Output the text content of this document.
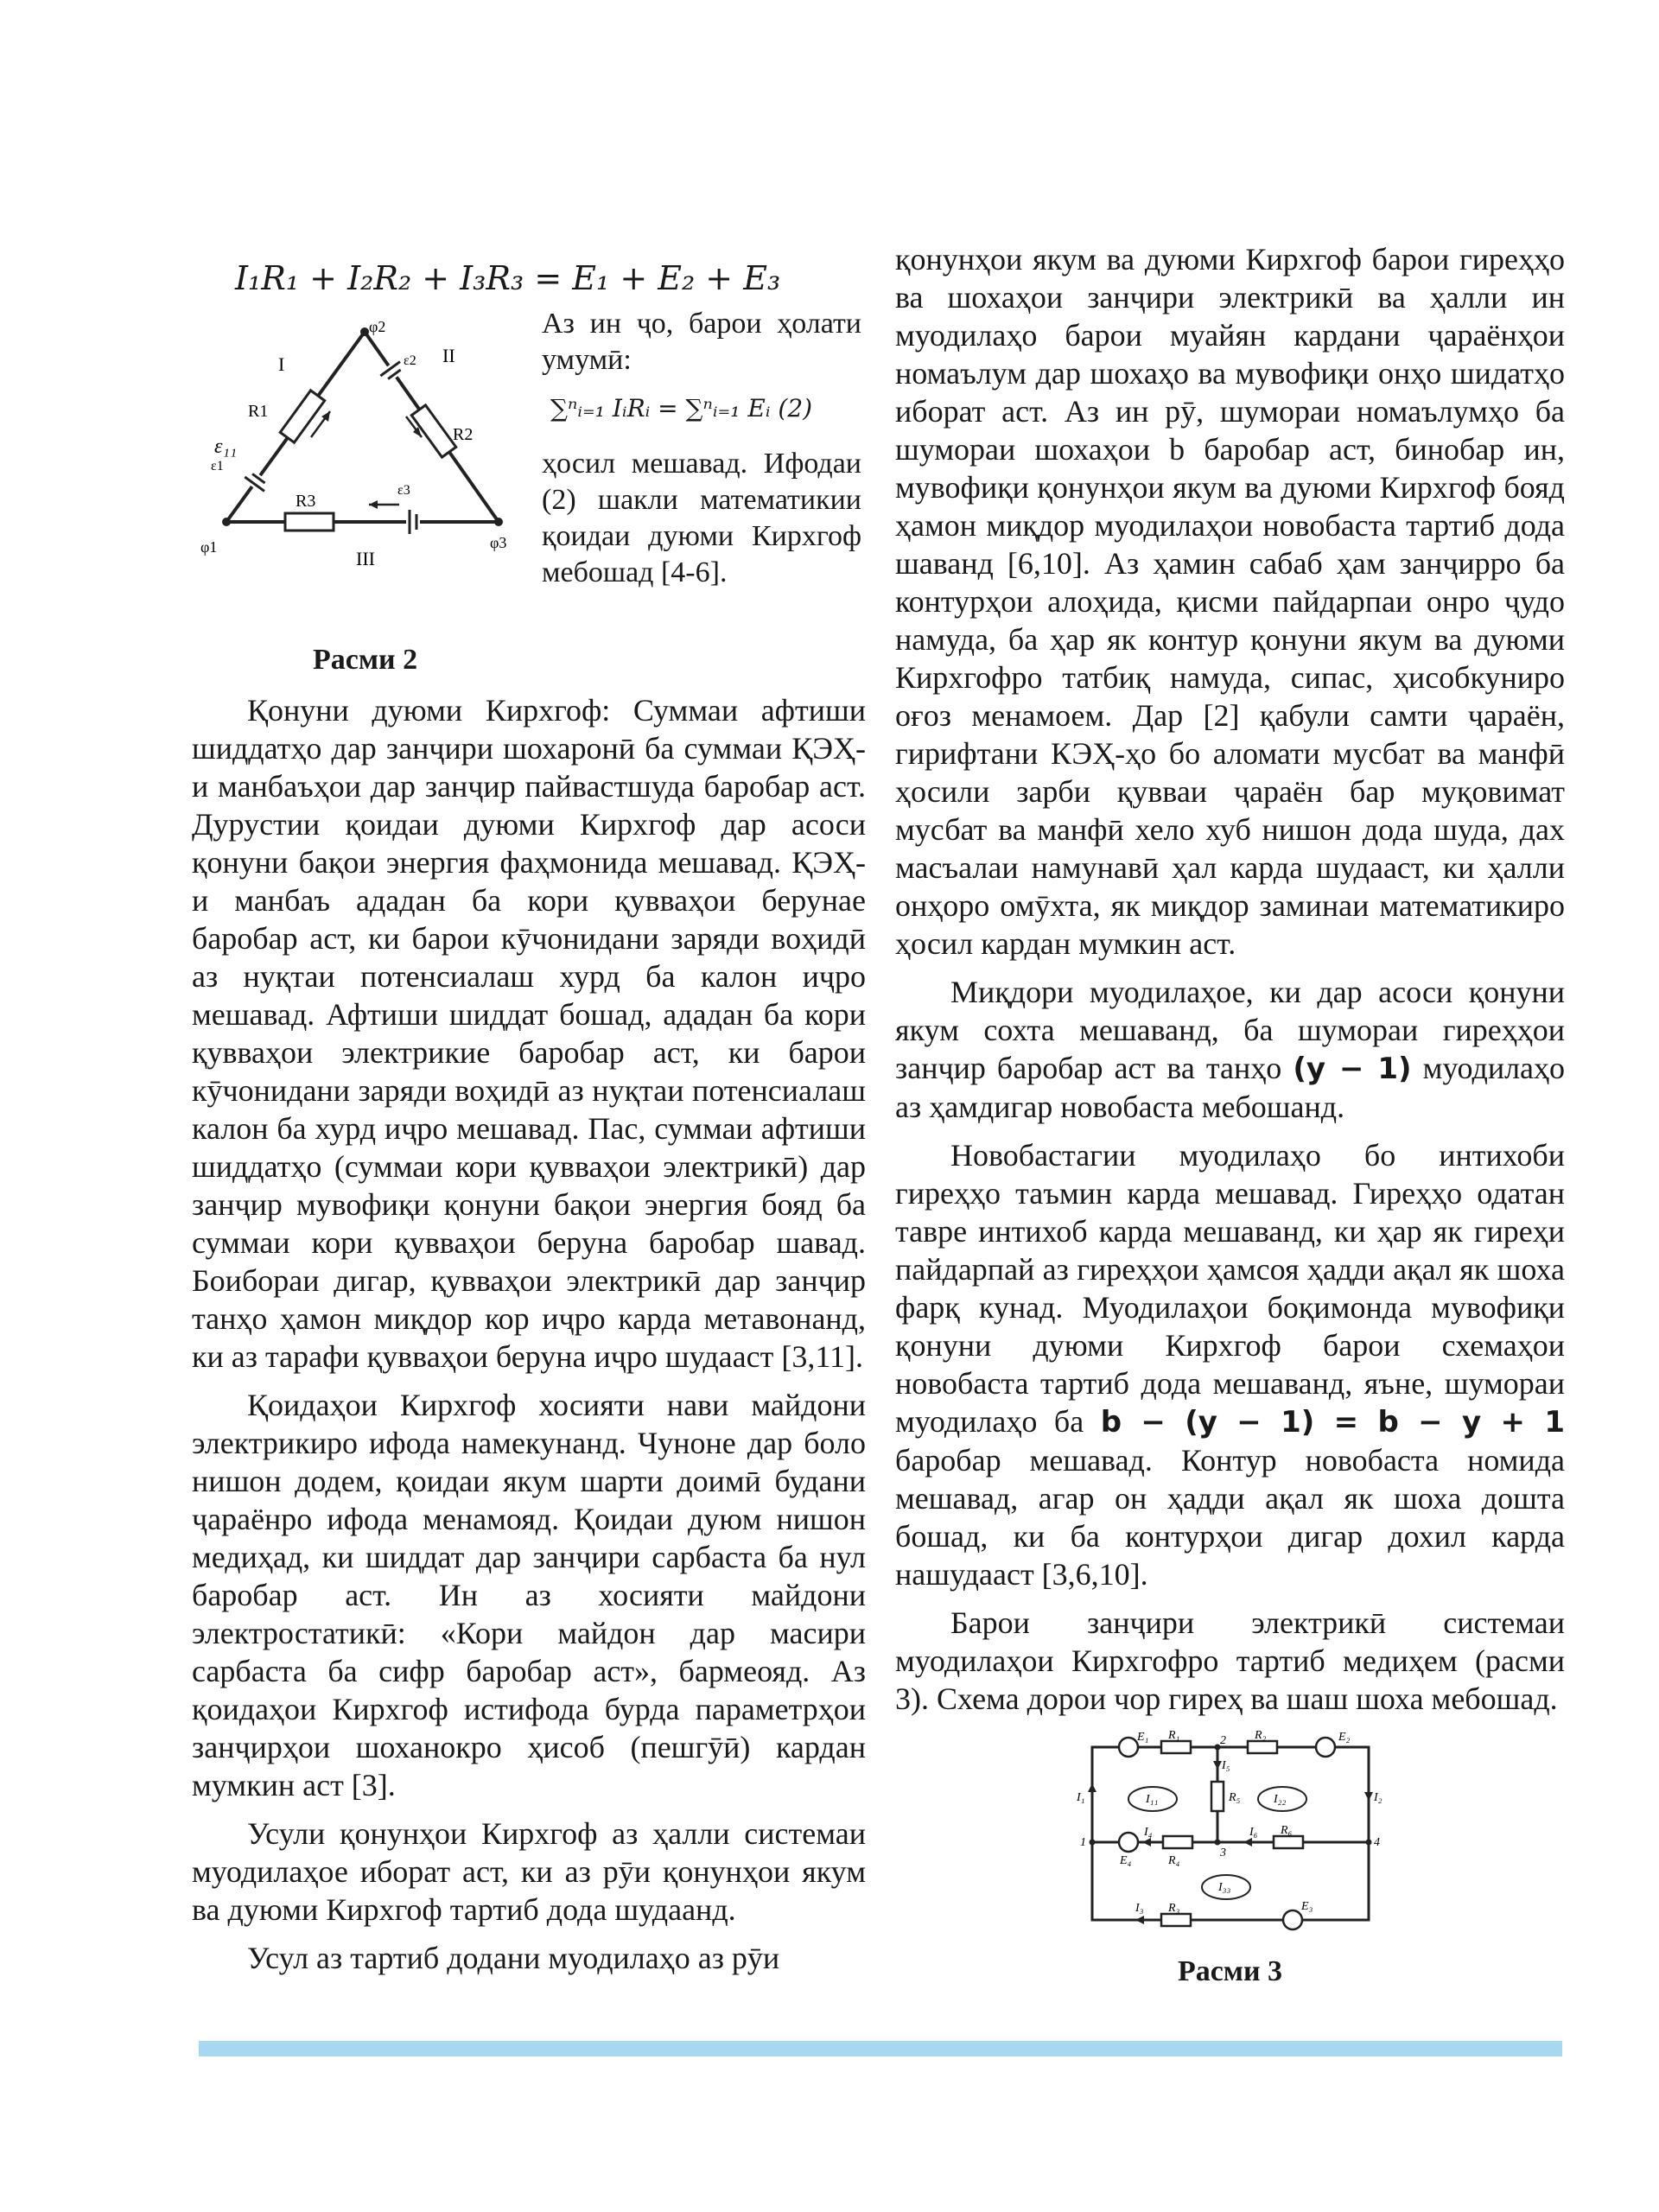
I₁R₁ + I₂R₂ + I₃R₃ = E₁ + E₂ + E₃
I	II
III
φ2
φ1	φ3
R1
R2
R3
ε₁₁
ε1
ε2
ε3
Аз ин ҷо, барои ҳолати умумӣ:
∑ⁿᵢ₌₁ IᵢRᵢ = ∑ⁿᵢ₌₁ Eᵢ (2)
ҳосил мешавад. Ифодаи (2) шакли математикии қоидаи дуюми Кирхгоф мебошад [4-6].
Расми 2

Қонуни дуюми Кирхгоф: Суммаи афтиши шиддатҳо дар занҷири шохаронӣ ба суммаи ҚЭҲ-и манбаъҳои дар занҷир пайвастшуда баробар аст. Дурустии қоидаи дуюми Кирхгоф дар асоси қонуни бақои энергия фаҳмонида мешавад. ҚЭҲ-и манбаъ ададан ба кори қувваҳои берунае баробар аст, ки барои кӯчонидани заряди воҳидӣ аз нуқтаи потенсиалаш хурд ба калон иҷро мешавад. Афтиши шиддат бошад, ададан ба кори қувваҳои электрикие баробар аст, ки барои кӯчонидани заряди воҳидӣ аз нуқтаи потенсиалаш калон ба хурд иҷро мешавад. Пас, суммаи афтиши шиддатҳо (суммаи кори қувваҳои электрикӣ) дар занҷир мувофиқи қонуни бақои энергия бояд ба суммаи кори қувваҳои беруна баробар шавад. Боибораи дигар, қувваҳои электрикӣ дар занҷир танҳо ҳамон миқдор кор иҷро карда метавонанд, ки аз тарафи қувваҳои беруна иҷро шудааст [3,11].

Қоидаҳои Кирхгоф хосияти нави майдони электрикиро ифода намекунанд. Чуноне дар боло нишон додем, қоидаи якум шарти доимӣ будани ҷараёнро ифода менамояд. Қоидаи дуюм нишон медиҳад, ки шиддат дар занҷири сарбаста ба нул баробар аст. Ин аз хосияти майдони электростатикӣ: «Кори майдон дар масири сарбаста ба сифр баробар аст», бармеояд. Аз қоидаҳои Кирхгоф истифода бурда параметрҳои занҷирҳои шоханокро ҳисоб (пешгӯӣ) кардан мумкин аст [3].

Усули қонунҳои Кирхгоф аз ҳалли системаи муодилаҳое иборат аст, ки аз рӯи қонунҳои якум ва дуюми Кирхгоф тартиб дода шудаанд.

Усул аз тартиб додани муодилаҳо аз рӯи

қонунҳои якум ва дуюми Кирхгоф барои гиреҳҳо ва шохаҳои занҷири электрикӣ ва ҳалли ин муодилаҳо барои муайян кардани ҷараёнҳои номаълум дар шохаҳо ва мувофиқи онҳо шидатҳо иборат аст. Аз ин рӯ, шумораи номаълумҳо ба шумораи шохаҳои b баробар аст, бинобар ин, мувофиқи қонунҳои якум ва дуюми Кирхгоф бояд ҳамон миқдор муодилаҳои новобаста тартиб дода шаванд [6,10]. Аз ҳамин сабаб ҳам занҷирро ба контурҳои алоҳида, қисми пайдарпаи онро ҷудо намуда, ба ҳар як контур қонуни якум ва дуюми Кирхгофро татбиқ намуда, сипас, ҳисобкуниро оғоз менамоем. Дар [2] қабули самти ҷараён, гирифтани КЭҲ-ҳо бо аломати мусбат ва манфӣ ҳосили зарби қувваи ҷараён бар муқовимат мусбат ва манфӣ хело хуб нишон дода шуда, дах масъалаи намунавӣ ҳал карда шудааст, ки ҳалли онҳоро омӯхта, як миқдор заминаи математикиро ҳосил кардан мумкин аст.

Миқдори муодилаҳое, ки дар асоси қонуни якум сохта мешаванд, ба шумораи гиреҳҳои занҷир баробар аст ва танҳо (y − 1) муодилаҳо аз ҳамдигар новобаста мебошанд.

Новобастагии муодилаҳо бо интихоби гиреҳҳо таъмин карда мешавад. Гиреҳҳо одатан тавре интихоб карда мешаванд, ки ҳар як гиреҳи пайдарпай аз гиреҳҳои ҳамсоя ҳадди ақал як шоха фарқ кунад. Муодилаҳои боқимонда мувофиқи қонуни дуюми Кирхгоф барои схемаҳои новобаста тартиб дода мешаванд, яъне, шумораи муодилаҳо ба b − (y − 1) = b − y + 1 баробар мешавад. Контур новобаста номида мешавад, агар он ҳадди ақал як шоха дошта бошад, ки ба контурҳои дигар дохил карда нашудааст [3,6,10].

Барои занҷири электрикӣ системаи муодилаҳои Кирхгофро тартиб медиҳем (расми 3). Схема дорои чор гиреҳ ва шаш шоха мебошад.

E₁ R₁	2 R₂	E₂
I₅
R₅
I₁	I₂
I₁₁	I₂₂
1	4
I₄	I₆ R₆
E₄	R₄
3
I₃₃
E₃
R₃
I₃
Расми 3
